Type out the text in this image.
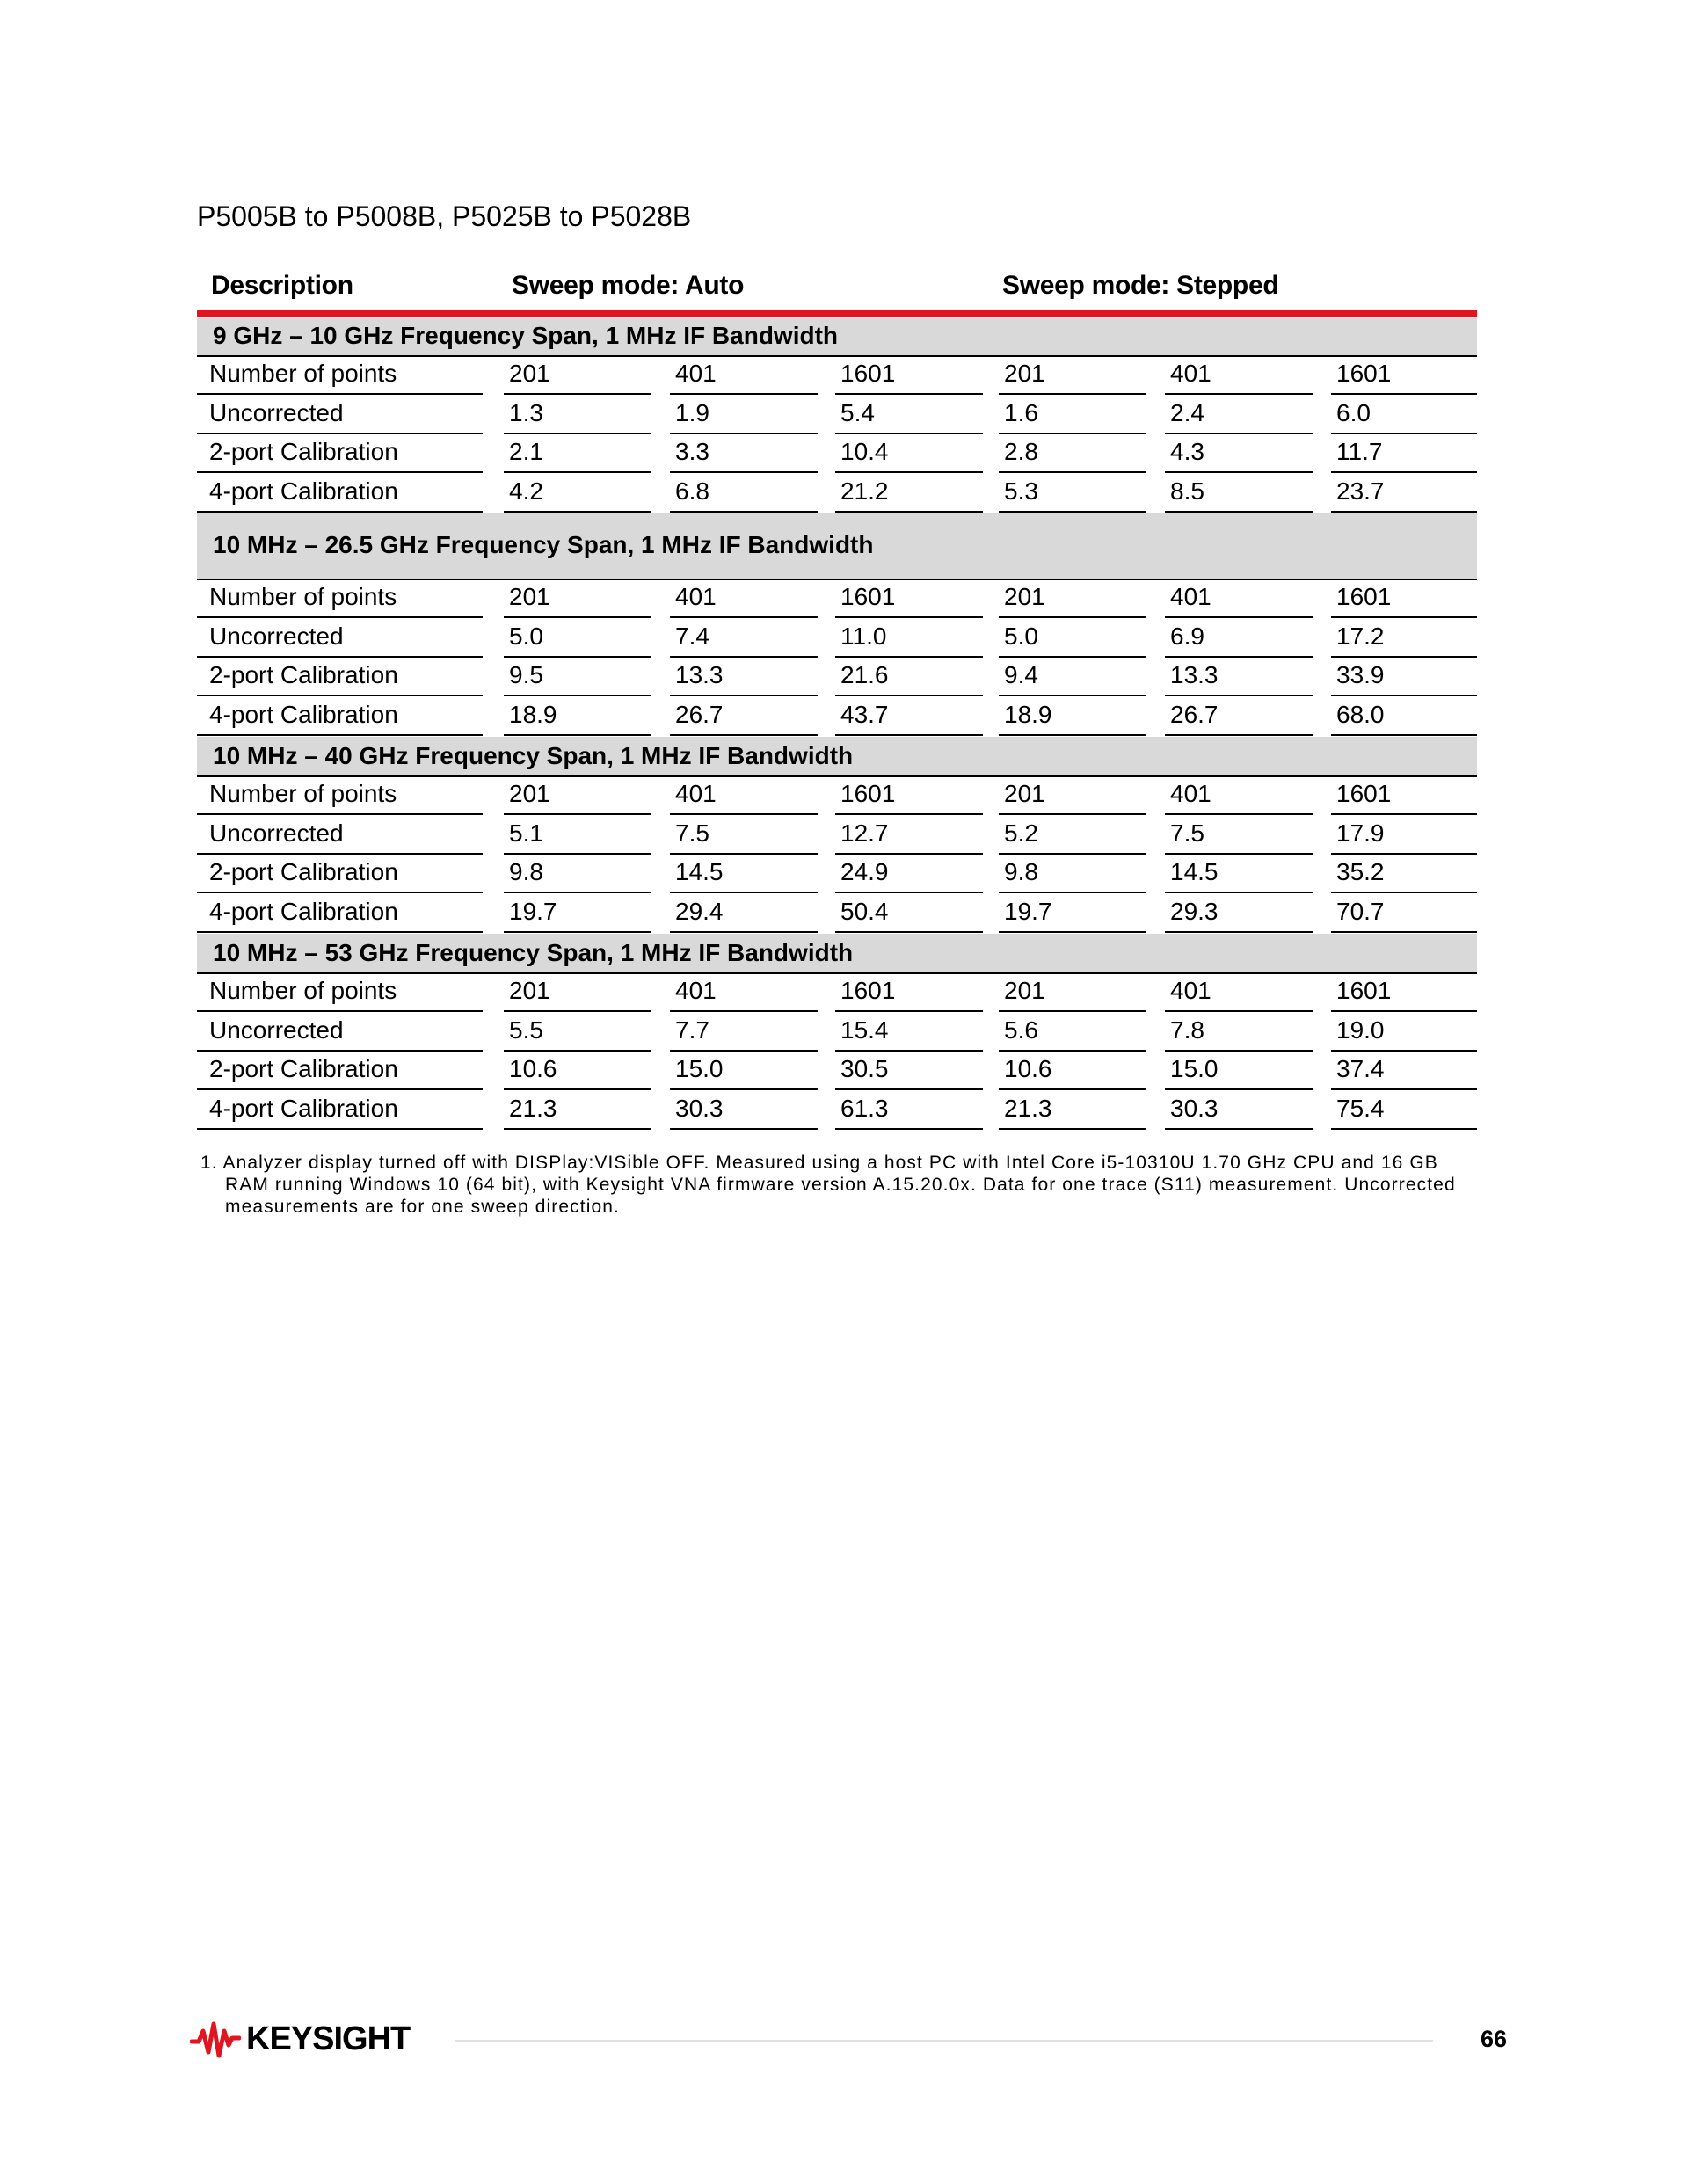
P5005B to P5008B, P5025B to P5028B
Description	Sweep mode: Auto	Sweep mode: Stepped
9 GHz – 10 GHz Frequency Span, 1 MHz IF Bandwidth
Number of points	201	401	1601	201	401	1601
Uncorrected	1.3	1.9	5.4	1.6	2.4	6.0
2-port Calibration	2.1	3.3	10.4	2.8	4.3	11.7
4-port Calibration	4.2	6.8	21.2	5.3	8.5	23.7
10 MHz – 26.5 GHz Frequency Span, 1 MHz IF Bandwidth
Number of points	201	401	1601	201	401	1601
Uncorrected	5.0	7.4	11.0	5.0	6.9	17.2
2-port Calibration	9.5	13.3	21.6	9.4	13.3	33.9
4-port Calibration	18.9	26.7	43.7	18.9	26.7	68.0
10 MHz – 40 GHz Frequency Span, 1 MHz IF Bandwidth
Number of points	201	401	1601	201	401	1601
Uncorrected	5.1	7.5	12.7	5.2	7.5	17.9
2-port Calibration	9.8	14.5	24.9	9.8	14.5	35.2
4-port Calibration	19.7	29.4	50.4	19.7	29.3	70.7
10 MHz – 53 GHz Frequency Span, 1 MHz IF Bandwidth
Number of points	201	401	1601	201	401	1601
Uncorrected	5.5	7.7	15.4	5.6	7.8	19.0
2-port Calibration	10.6	15.0	30.5	10.6	15.0	37.4
4-port Calibration	21.3	30.3	61.3	21.3	30.3	75.4
1. Analyzer display turned off with DISPlay:VISible OFF. Measured using a host PC with Intel Core i5-10310U 1.70 GHz CPU and 16 GB RAM running Windows 10 (64 bit), with Keysight VNA firmware version A.15.20.0x. Data for one trace (S11) measurement. Uncorrected measurements are for one sweep direction.
KEYSIGHT	66
